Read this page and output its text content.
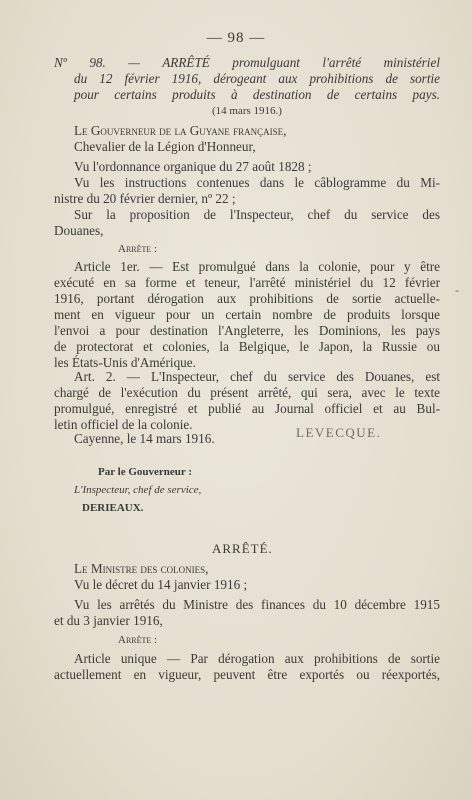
— 98 —
Nº 98. — ARRÊTÉ promulguant l'arrêté ministériel
du 12 février 1916, dérogeant aux prohibitions de sortie
pour certains produits à destination de certains pays.
(14 mars 1916.)
Le Gouverneur de la Guyane française,
Chevalier de la Légion d'Honneur,
Vu l'ordonnance organique du 27 août 1828 ;
Vu les instructions contenues dans le câblogramme du Mi-
nistre du 20 février dernier, nº 22 ;
Sur la proposition de l'Inspecteur, chef du service des
Douanes,
Arrête :
Article 1er. — Est promulgué dans la colonie, pour y être
exécuté en sa forme et teneur, l'arrêté ministériel du 12 février
1916, portant dérogation aux prohibitions de sortie actuelle-
ment en vigueur pour un certain nombre de produits lorsque
l'envoi a pour destination l'Angleterre, les Dominions, les pays
de protectorat et colonies, la Belgique, le Japon, la Russie ou
les États-Unis d'Amérique.
Art. 2. — L'Inspecteur, chef du service des Douanes, est
chargé de l'exécution du présent arrêté, qui sera, avec le texte
promulgué, enregistré et publié au Journal officiel et au Bul-
letin officiel de la colonie.
Cayenne, le 14 mars 1916.	LEVECQUE.
Par le Gouverneur :
L'Inspecteur, chef de service,
DERIEAUX.
ARRÊTÉ.
Le Ministre des colonies,
Vu le décret du 14 janvier 1916 ;
Vu les arrêtés du Ministre des finances du 10 décembre 1915
et du 3 janvier 1916,
Arrête :
Article unique — Par dérogation aux prohibitions de sortie
actuellement en vigueur, peuvent être exportés ou réexportés,
-
